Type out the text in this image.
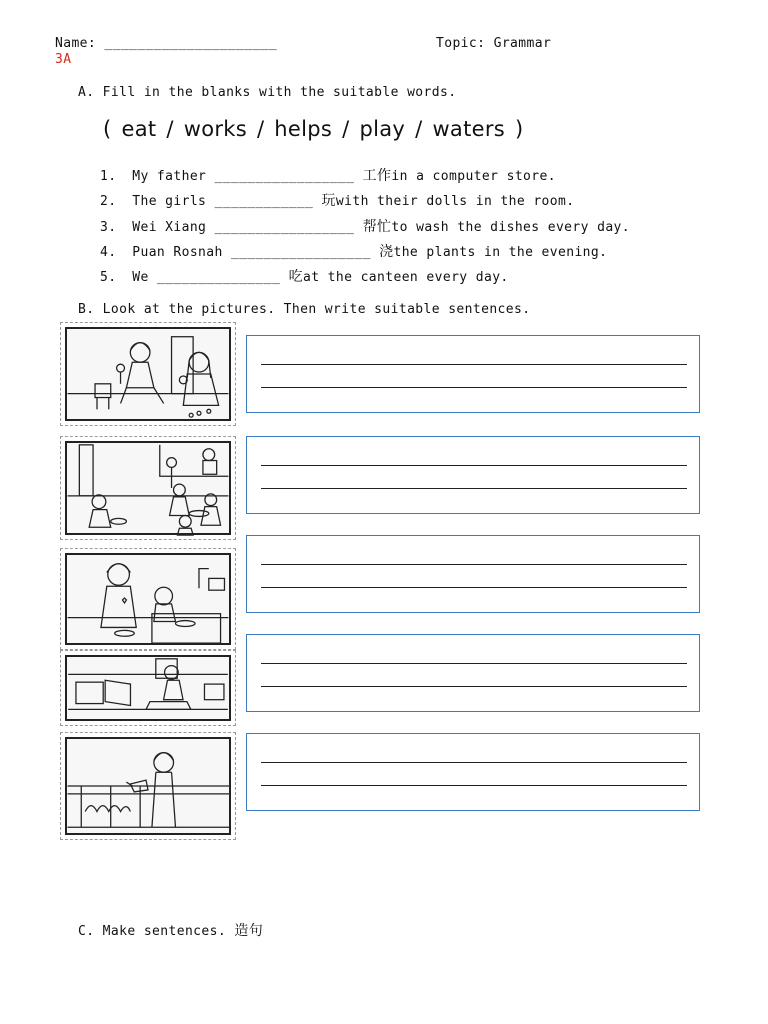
Name: _____________________	Topic: Grammar
3A
A. Fill in the blanks with the suitable words.
( eat / works / helps / play / waters )
1. My father _________________ 工作in a computer store.
2. The girls ____________ 玩with their dolls in the room.
3. Wei Xiang _________________ 帮忙to wash the dishes every day.
4. Puan Rosnah _________________ 浇the plants in the evening.
5. We _______________ 吃at the canteen every day.
B. Look at the pictures. Then write suitable sentences.
C. Make sentences. 造句
